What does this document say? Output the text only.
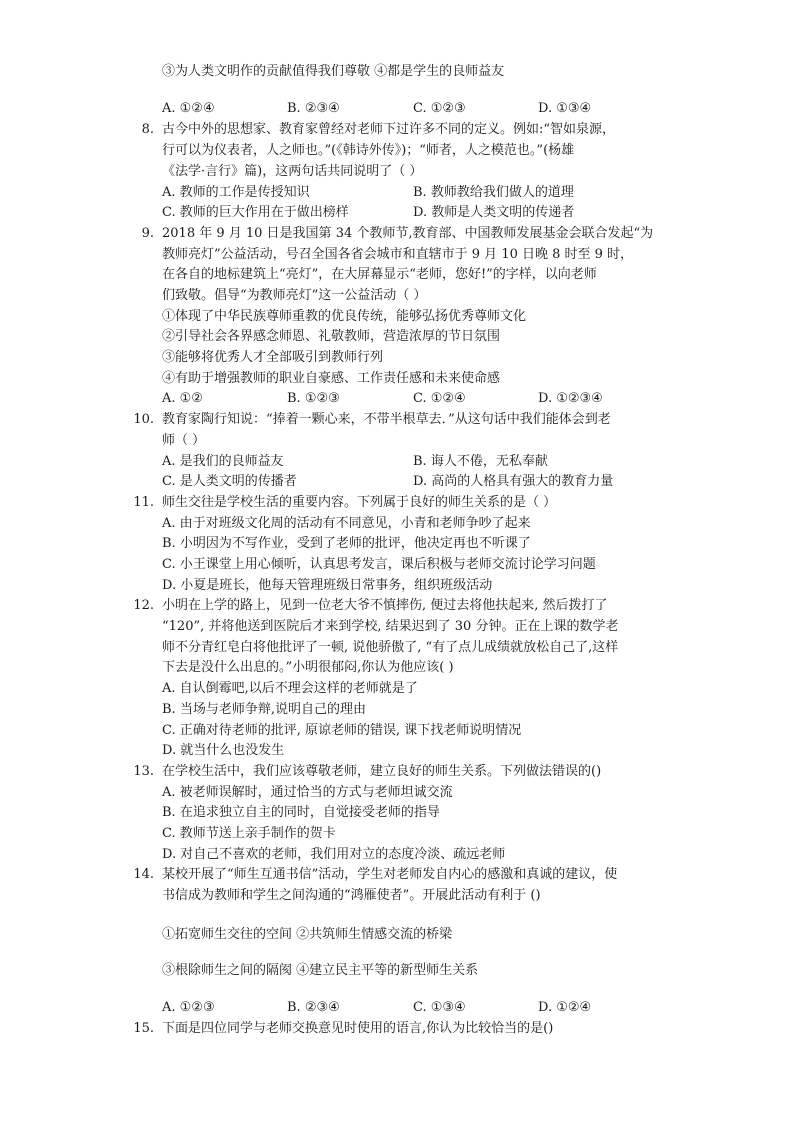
③为人类文明作的贡献值得我们尊敬 ④都是学生的良师益友
A. ①②④	B. ②③④	C. ①②③	D. ①③④
8. 古今中外的思想家、教育家曾经对老师下过许多不同的定义。例如:“智如泉源，
行可以为仪表者，人之师也。”(《韩诗外传》)；“师者，人之模范也。”(杨雄
《法学·言行》篇)，这两句话共同说明了（ ）
A. 教师的工作是传授知识	B. 教师教给我们做人的道理
C. 教师的巨大作用在于做出榜样	D. 教师是人类文明的传递者
9. 2018 年 9 月 10 日是我国第 34 个教师节,教育部、中国教师发展基金会联合发起“为
教师亮灯”公益活动，号召全国各省会城市和直辖市于 9 月 10 日晚 8 时至 9 时，
在各自的地标建筑上“亮灯”，在大屏幕显示“老师，您好!”的字样，以向老师
们致敬。倡导“为教师亮灯”这一公益活动（ ）
①体现了中华民族尊师重教的优良传统，能够弘扬优秀尊师文化
②引导社会各界感念师恩、礼敬教师，营造浓厚的节日氛围
③能够将优秀人才全部吸引到教师行列
④有助于增强教师的职业自豪感、工作责任感和未来使命感
A. ①②	B. ①②③	C. ①②④	D. ①②③④
10. 教育家陶行知说：“捧着一颗心来，不带半根草去．”从这句话中我们能体会到老
师（ ）
A. 是我们的良师益友	B. 诲人不倦，无私奉献
C. 是人类文明的传播者	D. 高尚的人格具有强大的教育力量
11. 师生交往是学校生活的重要内容。下列属于良好的师生关系的是（ ）
A. 由于对班级文化周的活动有不同意见，小青和老师争吵了起来
B. 小明因为不写作业，受到了老师的批评，他决定再也不听课了
C. 小王课堂上用心倾听，认真思考发言，课后积极与老师交流讨论学习问题
D. 小夏是班长，他每天管理班级日常事务，组织班级活动
12. 小明在上学的路上，见到一位老大爷不慎摔伤, 便过去将他扶起来, 然后拨打了
“120”, 并将他送到医院后才来到学校, 结果迟到了 30 分钟。正在上课的数学老
师不分青红皂白将他批评了一顿, 说他骄傲了, “有了点儿成绩就放松自己了,这样
下去是没什么出息的。”小明很郁闷,你认为他应该( )
A. 自认倒霉吧,以后不理会这样的老师就是了
B. 当场与老师争辩,说明自己的理由
C. 正确对待老师的批评, 原谅老师的错误, 课下找老师说明情况
D. 就当什么也没发生
13. 在学校生活中，我们应该尊敬老师，建立良好的师生关系。下列做法错误的()
A. 被老师误解时，通过恰当的方式与老师坦诚交流
B. 在追求独立自主的同时，自觉接受老师的指导
C. 教师节送上亲手制作的贺卡
D. 对自己不喜欢的老师，我们用对立的态度冷淡、疏远老师
14. 某校开展了“师生互通书信”活动，学生对老师发自内心的感激和真诚的建议，使
书信成为教师和学生之间沟通的“鸿雁使者”。开展此活动有利于 ()
①拓宽师生交往的空间 ②共筑师生情感交流的桥梁
③根除师生之间的隔阂 ④建立民主平等的新型师生关系
A. ①②③	B. ②③④	C. ①③④	D. ①②④
15. 下面是四位同学与老师交换意见时使用的语言,你认为比较恰当的是()
